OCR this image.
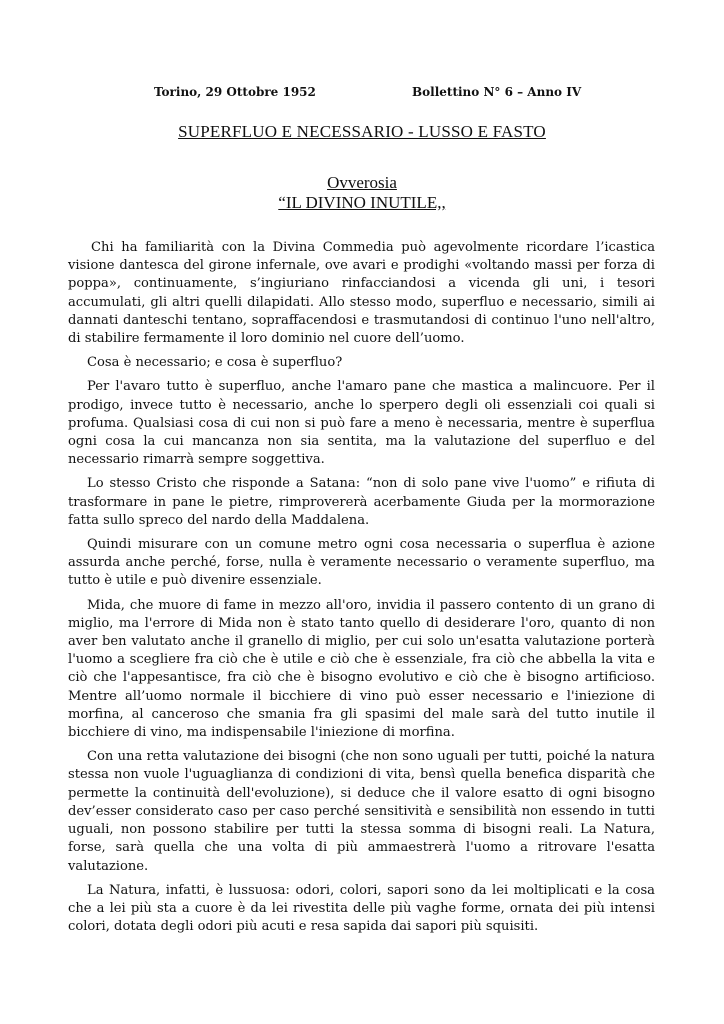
Torino, 29 Ottobre 1952	Bollettino N° 6 – Anno IV
SUPERFLUO E NECESSARIO - LUSSO E FASTO
Ovverosia
“IL DIVINO INUTILE,,

Chi ha familiarità con la Divina Commedia può agevolmente ricordare l’icastica visione dantesca del girone infernale, ove avari e prodighi «voltando massi per forza di poppa», continuamente, s’ingiuriano rinfacciandosi a vicenda gli uni, i tesori accumulati, gli altri quelli dilapidati. Allo stesso modo, superfluo e necessario, simili ai dannati danteschi tentano, sopraffacendosi e trasmutandosi di continuo l'uno nell'altro, di stabilire fermamente il loro dominio nel cuore dell’uomo.

Cosa è necessario; e cosa è superfluo?

Per l'avaro tutto è superfluo, anche l'amaro pane che mastica a malincuore. Per il prodigo, invece tutto è necessario, anche lo sperpero degli oli essenziali coi quali si profuma. Qualsiasi cosa di cui non si può fare a meno è necessaria, mentre è superflua ogni cosa la cui mancanza non sia sentita, ma la valutazione del superfluo e del necessario rimarrà sempre soggettiva.

Lo stesso Cristo che risponde a Satana: “non di solo pane vive l'uomo” e rifiuta di trasformare in pane le pietre, rimprovererà acerbamente Giuda per la mormorazione fatta sullo spreco del nardo della Maddalena.

Quindi misurare con un comune metro ogni cosa necessaria o superflua è azione assurda anche perché, forse, nulla è veramente necessario o veramente superfluo, ma tutto è utile e può divenire essenziale.

Mida, che muore di fame in mezzo all'oro, invidia il passero contento di un grano di miglio, ma l'errore di Mida non è stato tanto quello di desiderare l'oro, quanto di non aver ben valutato anche il granello di miglio, per cui solo un'esatta valutazione porterà l'uomo a scegliere fra ciò che è utile e ciò che è essenziale, fra ciò che abbella la vita e ciò che l'appesantisce, fra ciò che è bisogno evolutivo e ciò che è bisogno artificioso. Mentre all’uomo normale il bicchiere di vino può esser necessario e l'iniezione di morfina, al canceroso che smania fra gli spasimi del male sarà del tutto inutile il bicchiere di vino, ma indispensabile l'iniezione di morfina.

Con una retta valutazione dei bisogni (che non sono uguali per tutti, poiché la natura stessa non vuole l'uguaglianza di condizioni di vita, bensì quella benefica disparità che permette la continuità dell'evoluzione), si deduce che il valore esatto di ogni bisogno dev’esser considerato caso per caso perché sensitività e sensibilità non essendo in tutti uguali, non possono stabilire per tutti la stessa somma di bisogni reali. La Natura, forse, sarà quella che una volta di più ammaestrerà l'uomo a ritrovare l'esatta valutazione.

La Natura, infatti, è lussuosa: odori, colori, sapori sono da lei moltiplicati e la cosa che a lei più sta a cuore è da lei rivestita delle più vaghe forme, ornata dei più intensi colori, dotata degli odori più acuti e resa sapida dai sapori più squisiti.
